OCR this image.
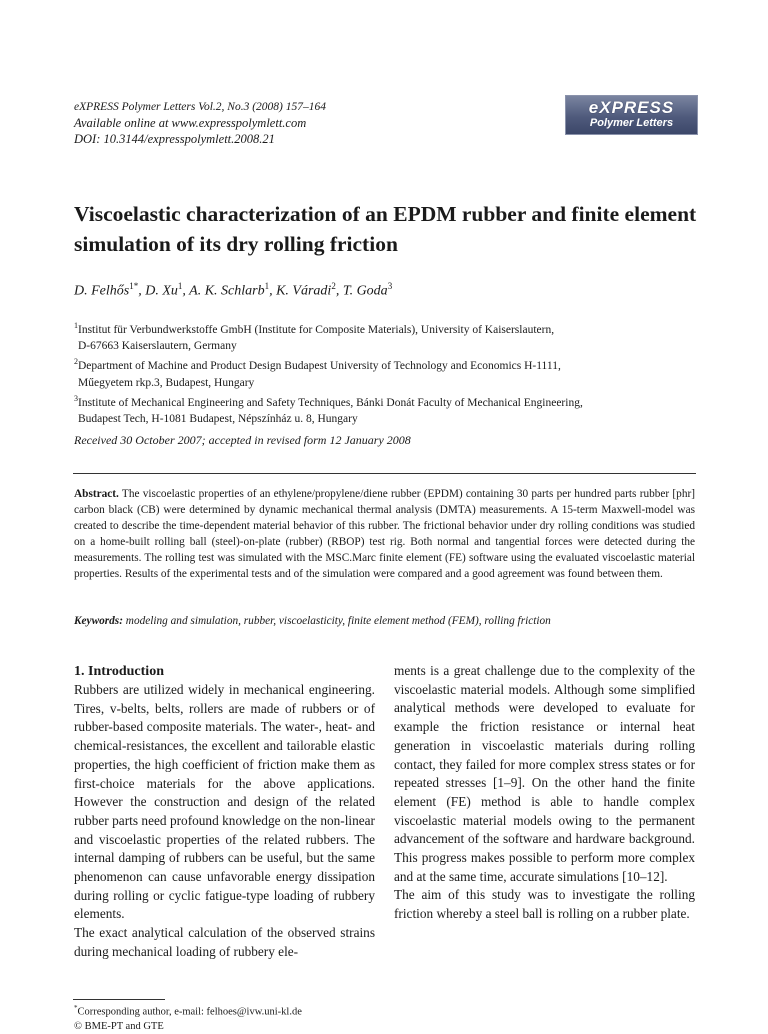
eXPRESS Polymer Letters Vol.2, No.3 (2008) 157–164
Available online at www.expresspolymlett.com
DOI: 10.3144/expresspolymlett.2008.21
eXPRESS
Polymer Letters
Viscoelastic characterization of an EPDM rubber and finite element simulation of its dry rolling friction
D. Felhős$^{1*}$, D. Xu$^1$, A. K. Schlarb$^1$, K. Váradi$^2$, T. Goda$^3$
$^1$Institut für Verbundwerkstoffe GmbH (Institute for Composite Materials), University of Kaiserslautern,
D-67663 Kaiserslautern, Germany
$^2$Department of Machine and Product Design Budapest University of Technology and Economics H-1111,
Műegyetem rkp.3, Budapest, Hungary
$^3$Institute of Mechanical Engineering and Safety Techniques, Bánki Donát Faculty of Mechanical Engineering,
Budapest Tech, H-1081 Budapest, Népszínház u. 8, Hungary
Received 30 October 2007; accepted in revised form 12 January 2008
Abstract. The viscoelastic properties of an ethylene/propylene/diene rubber (EPDM) containing 30 parts per hundred parts rubber [phr] carbon black (CB) were determined by dynamic mechanical thermal analysis (DMTA) measurements. A 15-term Maxwell-model was created to describe the time-dependent material behavior of this rubber. The frictional behavior under dry rolling conditions was studied on a home-built rolling ball (steel)-on-plate (rubber) (RBOP) test rig. Both normal and tangential forces were detected during the measurements. The rolling test was simulated with the MSC.Marc finite element (FE) software using the evaluated viscoelastic material properties. Results of the experimental tests and of the simulation were compared and a good agreement was found between them.
Keywords: modeling and simulation, rubber, viscoelasticity, finite element method (FEM), rolling friction
1. Introduction

Rubbers are utilized widely in mechanical engineering. Tires, v-belts, belts, rollers are made of rubbers or of rubber-based composite materials. The water-, heat- and chemical-resistances, the excellent and tailorable elastic properties, the high coefficient of friction make them as first-choice materials for the above applications. However the construction and design of the related rubber parts need profound knowledge on the non-linear and viscoelastic properties of the related rubbers. The internal damping of rubbers can be useful, but the same phenomenon can cause unfavorable energy dissipation during rolling or cyclic fatigue-type loading of rubbery elements.

The exact analytical calculation of the observed strains during mechanical loading of rubbery ele-

ments is a great challenge due to the complexity of the viscoelastic material models. Although some simplified analytical methods were developed to evaluate for example the friction resistance or internal heat generation in viscoelastic materials during rolling contact, they failed for more complex stress states or for repeated stresses [1–9]. On the other hand the finite element (FE) method is able to handle complex viscoelastic material models owing to the permanent advancement of the software and hardware background. This progress makes possible to perform more complex and at the same time, accurate simulations [10–12].

The aim of this study was to investigate the rolling friction whereby a steel ball is rolling on a rubber plate.

*Corresponding author, e-mail: felhoes@ivw.uni-kl.de
© BME-PT and GTE
